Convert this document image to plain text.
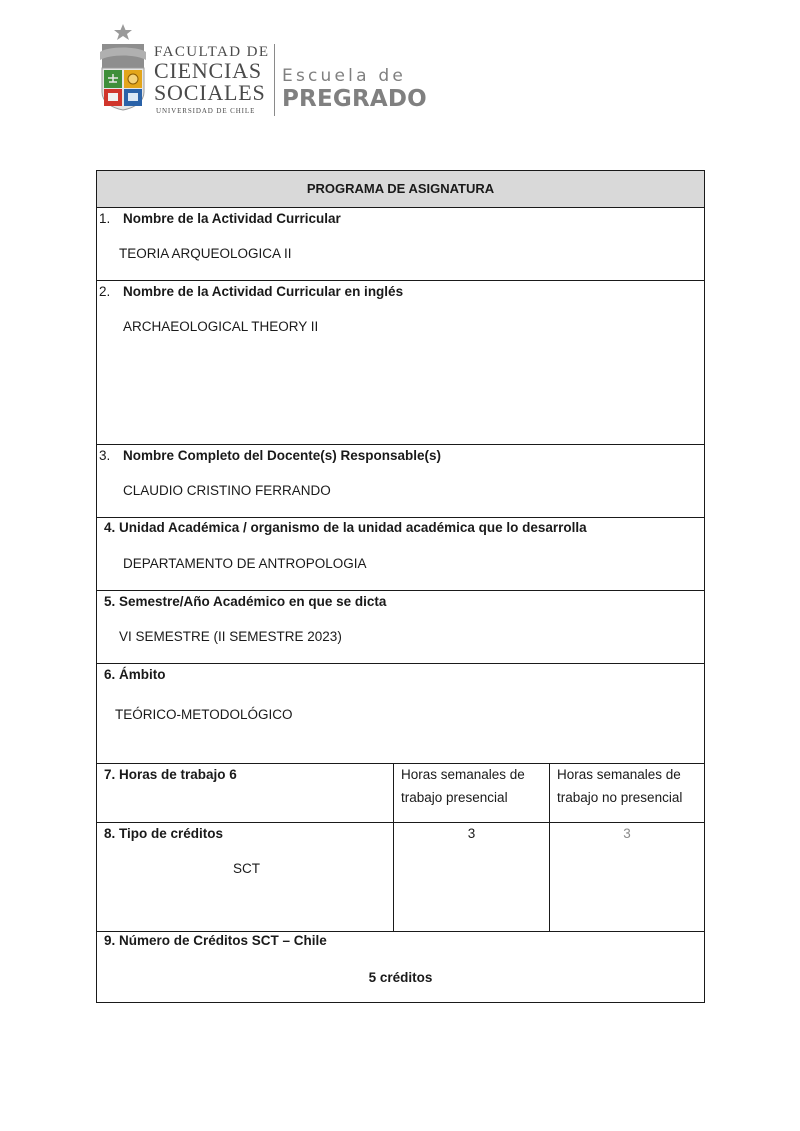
FACULTAD DE
CIENCIAS
SOCIALES
UNIVERSIDAD DE CHILE
Escuela de
PREGRADO
PROGRAMA DE ASIGNATURA
1. Nombre de la Actividad Curricular
TEORIA ARQUEOLOGICA II
2. Nombre de la Actividad Curricular en inglés
ARCHAEOLOGICAL THEORY II
3. Nombre Completo del Docente(s) Responsable(s)
CLAUDIO CRISTINO FERRANDO
4. Unidad Académica / organismo de la unidad académica que lo desarrolla
DEPARTAMENTO DE ANTROPOLOGIA
5. Semestre/Año Académico en que se dicta
VI SEMESTRE (II SEMESTRE 2023)
6. Ámbito
TEÓRICO-METODOLÓGICO
7. Horas de trabajo 6	Horas semanales de
trabajo presencial
Horas semanales de
trabajo no presencial
8. Tipo de créditos
SCT
3	3
9. Número de Créditos SCT – Chile
5 créditos
